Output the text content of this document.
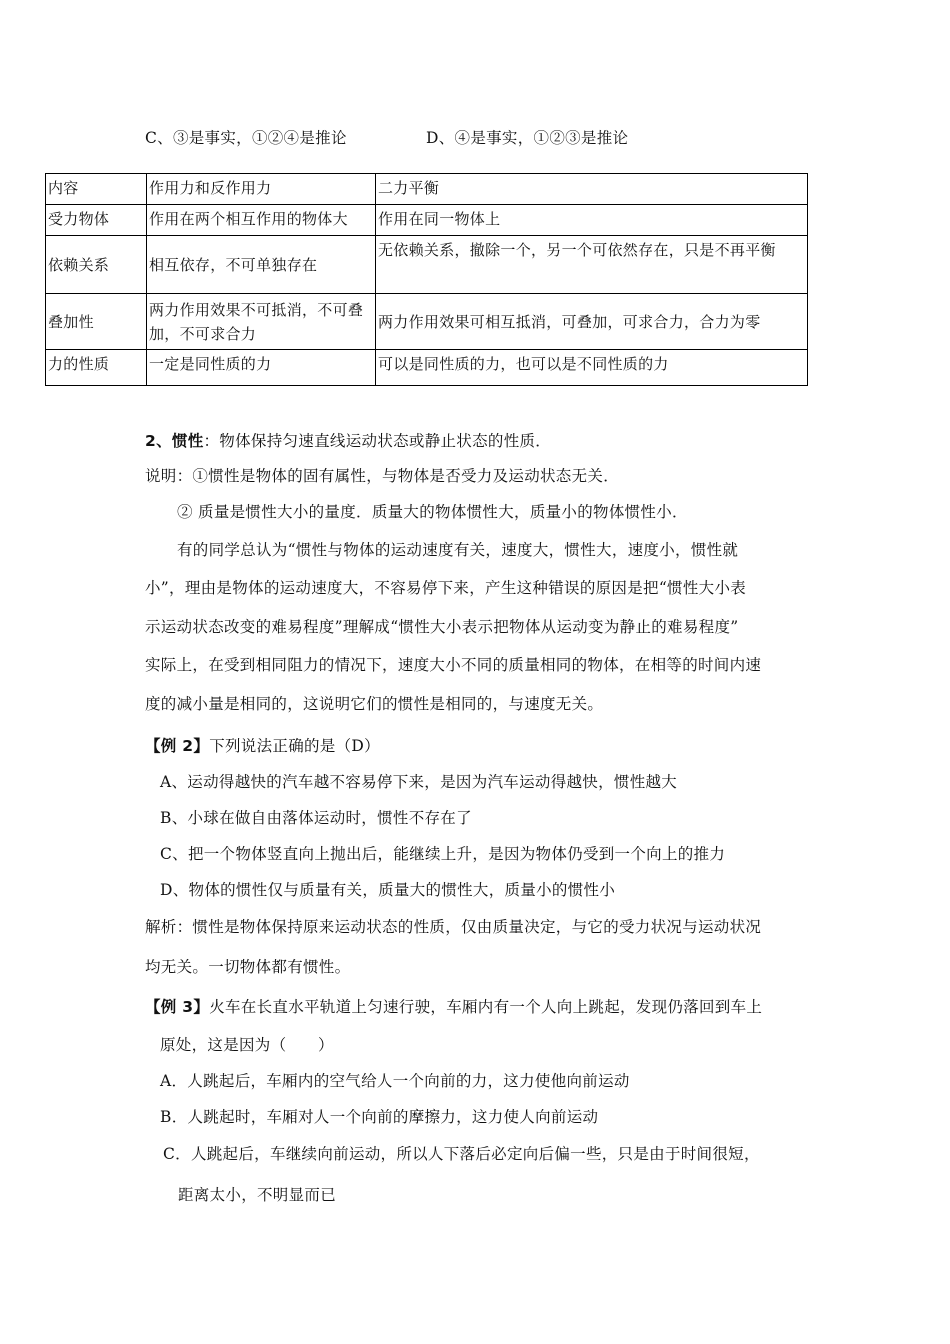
C、③是事实，①②④是推论	D、④是事实，①②③是推论
内容	作用力和反作用力	二力平衡
受力物体	作用在两个相互作用的物体大	作用在同一物体上
依赖关系	相互依存，不可单独存在	无依赖关系，撤除一个，另一个可依然存在，只是不再平衡
叠加性	两力作用效果不可抵消，不可叠加，不可求合力	两力作用效果可相互抵消，可叠加，可求合力，合力为零
力的性质	一定是同性质的力	可以是同性质的力，也可以是不同性质的力
2、惯性：物体保持匀速直线运动状态或静止状态的性质．
说明：①惯性是物体的固有属性，与物体是否受力及运动状态无关．
② 质量是惯性大小的量度．质量大的物体惯性大，质量小的物体惯性小．
有的同学总认为“惯性与物体的运动速度有关，速度大，惯性大，速度小，惯性就
小”，理由是物体的运动速度大，不容易停下来，产生这种错误的原因是把“惯性大小表
示运动状态改变的难易程度”理解成“惯性大小表示把物体从运动变为静止的难易程度”
实际上，在受到相同阻力的情况下，速度大小不同的质量相同的物体，在相等的时间内速
度的减小量是相同的，这说明它们的惯性是相同的，与速度无关。
【例 2】下列说法正确的是（D）
A、运动得越快的汽车越不容易停下来，是因为汽车运动得越快，惯性越大
B、小球在做自由落体运动时，惯性不存在了
C、把一个物体竖直向上抛出后，能继续上升，是因为物体仍受到一个向上的推力
D、物体的惯性仅与质量有关，质量大的惯性大，质量小的惯性小
解析：惯性是物体保持原来运动状态的性质，仅由质量决定，与它的受力状况与运动状况
均无关。一切物体都有惯性。
【例 3】火车在长直水平轨道上匀速行驶，车厢内有一个人向上跳起，发现仍落回到车上
原处，这是因为（　　）
A．人跳起后，车厢内的空气给人一个向前的力，这力使他向前运动
B．人跳起时，车厢对人一个向前的摩擦力，这力使人向前运动
C．人跳起后，车继续向前运动，所以人下落后必定向后偏一些，只是由于时间很短，
距离太小，不明显而已
